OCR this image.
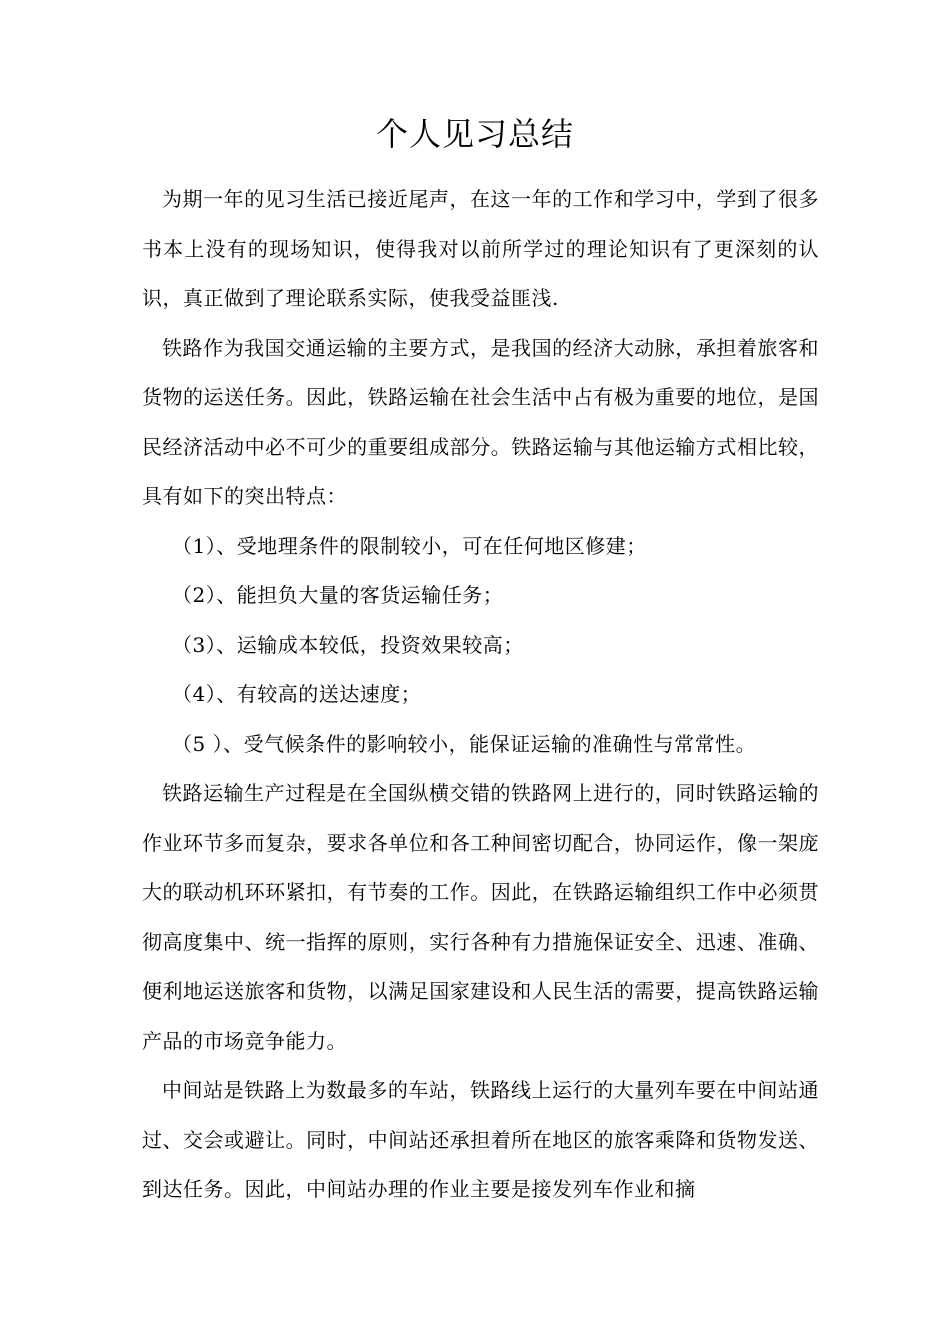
个人见习总结

为期一年的见习生活已接近尾声，在这一年的工作和学习中，学到了很多书本上没有的现场知识，使得我对以前所学过的理论知识有了更深刻的认识，真正做到了理论联系实际，使我受益匪浅.

铁路作为我国交通运输的主要方式，是我国的经济大动脉，承担着旅客和货物的运送任务。因此，铁路运输在社会生活中占有极为重要的地位，是国民经济活动中必不可少的重要组成部分。铁路运输与其他运输方式相比较，具有如下的突出特点：

（1）、受地理条件的限制较小，可在任何地区修建；

（2）、能担负大量的客货运输任务；

（3）、运输成本较低，投资效果较高；

（4）、有较高的送达速度；

（5 ）、受气候条件的影响较小，能保证运输的准确性与常常性。

铁路运输生产过程是在全国纵横交错的铁路网上进行的，同时铁路运输的作业环节多而复杂，要求各单位和各工种间密切配合，协同运作，像一架庞大的联动机环环紧扣，有节奏的工作。因此，在铁路运输组织工作中必须贯彻高度集中、统一指挥的原则，实行各种有力措施保证安全、迅速、准确、便利地运送旅客和货物，以满足国家建设和人民生活的需要，提高铁路运输产品的市场竞争能力。

中间站是铁路上为数最多的车站，铁路线上运行的大量列车要在中间站通过、交会或避让。同时，中间站还承担着所在地区的旅客乘降和货物发送、到达任务。因此，中间站办理的作业主要是接发列车作业和摘
